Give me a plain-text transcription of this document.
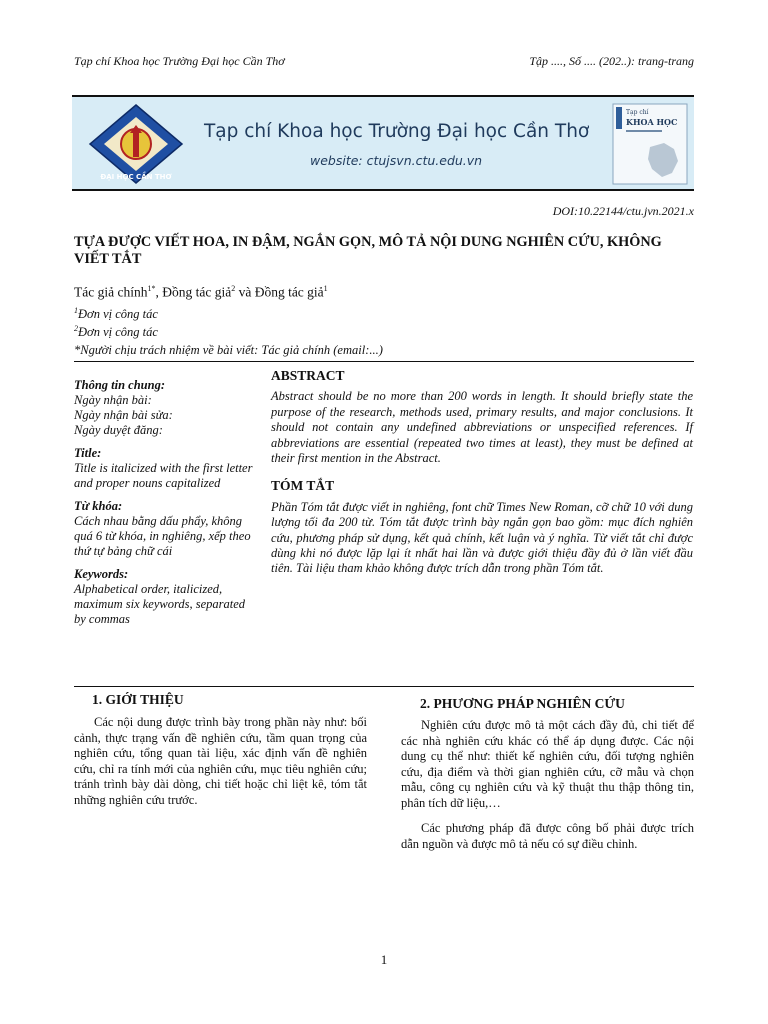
Tạp chí Khoa học Trường Đại học Cần Thơ	Tập ...., Số .... (202..): trang-trang
ĐẠI HỌC CẦN THƠ
Tạp chí Khoa học Trường Đại học Cần Thơ
website: ctujsvn.ctu.edu.vn
Tạp chí
KHOA HỌC
DOI:10.22144/ctu.jvn.2021.x
TỰA ĐƯỢC VIẾT HOA, IN ĐẬM, NGẮN GỌN, MÔ TẢ NỘI DUNG NGHIÊN CỨU, KHÔNG VIẾT TẮT
Tác giả chính$^{1*}$, Đồng tác giả$^2$ và Đồng tác giả$^1$
$^1$Đơn vị công tác
$^2$Đơn vị công tác
*Người chịu trách nhiệm về bài viết: Tác giả chính (email:...)
Thông tin chung:
Ngày nhận bài:
Ngày nhận bài sửa:
Ngày duyệt đăng:
Title:
Title is italicized with the first letter and proper nouns capitalized
Từ khóa:
Cách nhau bằng dấu phẩy, không quá 6 từ khóa, in nghiêng, xếp theo thứ tự bảng chữ cái
Keywords:
Alphabetical order, italicized, maximum six keywords, separated by commas
ABSTRACT

Abstract should be no more than 200 words in length. It should briefly state the purpose of the research, methods used, primary results, and major conclusions. It should not contain any undefined abbreviations or unspecified references. If abbreviations are essential (repeated two times at least), they must be defined at their first mention in the Abstract.

TÓM TẮT

Phần Tóm tắt được viết in nghiêng, font chữ Times New Roman, cỡ chữ 10 với dung lượng tối đa 200 từ. Tóm tắt được trình bày ngắn gọn bao gồm: mục đích nghiên cứu, phương pháp sử dụng, kết quả chính, kết luận và ý nghĩa. Từ viết tắt chỉ được dùng khi nó được lặp lại ít nhất hai lần và được giới thiệu đầy đủ ở lần viết đầu tiên. Tài liệu tham khảo không được trích dẫn trong phần Tóm tắt.

1. GIỚI THIỆU

Các nội dung được trình bày trong phần này như: bối cảnh, thực trạng vấn đề nghiên cứu, tầm quan trọng của nghiên cứu, tổng quan tài liệu, xác định vấn đề nghiên cứu, chỉ ra tính mới của nghiên cứu, mục tiêu nghiên cứu; tránh trình bày dài dòng, chi tiết hoặc chỉ liệt kê, tóm tắt những nghiên cứu trước.

2. PHƯƠNG PHÁP NGHIÊN CỨU

Nghiên cứu được mô tả một cách đầy đủ, chi tiết để các nhà nghiên cứu khác có thể áp dụng được. Các nội dung cụ thể như: thiết kế nghiên cứu, đối tượng nghiên cứu, địa điểm và thời gian nghiên cứu, cỡ mẫu và chọn mẫu, công cụ nghiên cứu và kỹ thuật thu thập thông tin, phân tích dữ liệu,…

Các phương pháp đã được công bố phải được trích dẫn nguồn và được mô tả nếu có sự điều chỉnh.

1
